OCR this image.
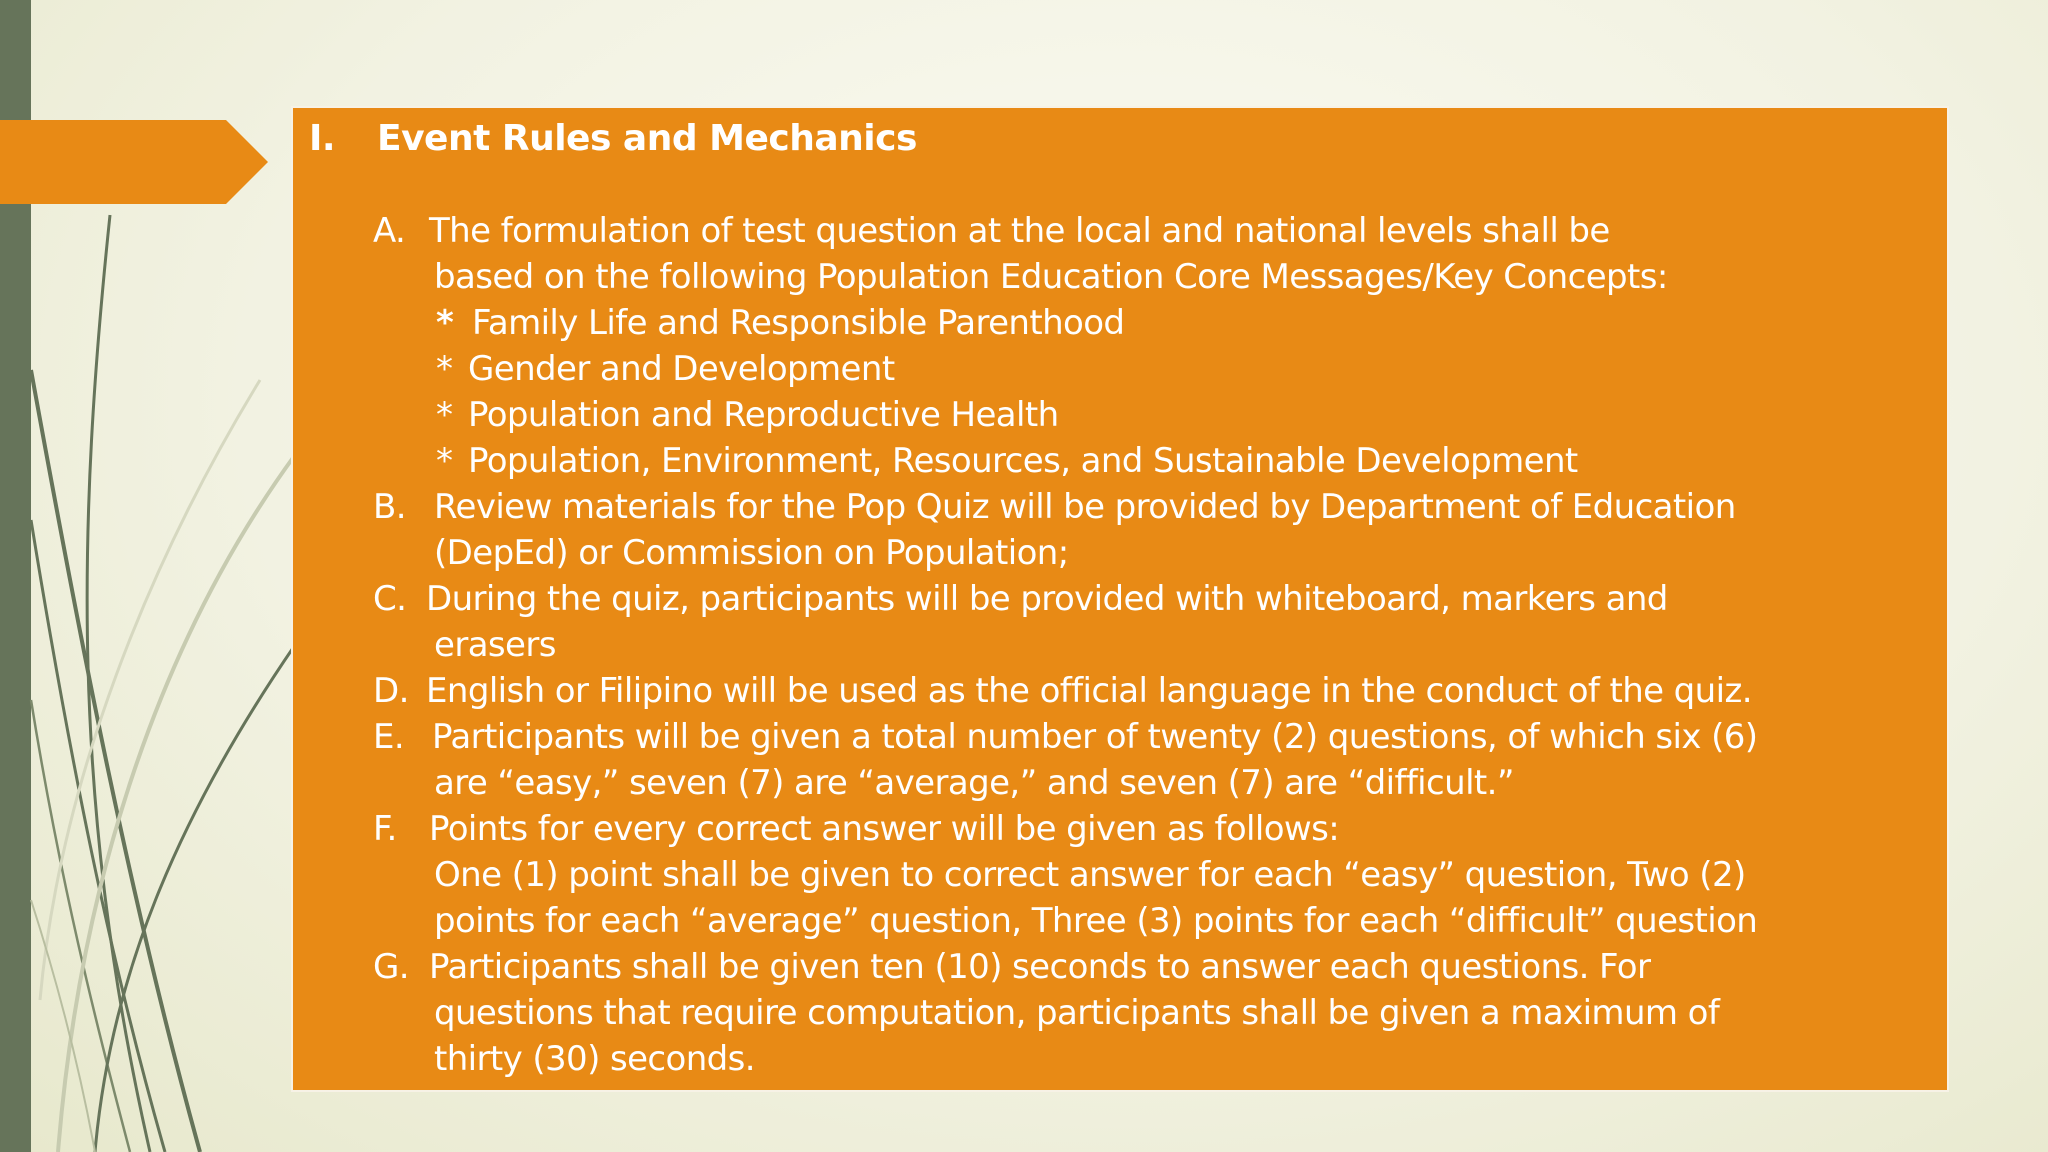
I. Event Rules and Mechanics
A. The formulation of test question at the local and national levels shall be
based on the following Population Education Core Messages/Key Concepts:
* Family Life and Responsible Parenthood
* Gender and Development
* Population and Reproductive Health
* Population, Environment, Resources, and Sustainable Development
B. Review materials for the Pop Quiz will be provided by Department of Education
(DepEd) or Commission on Population;
C. During the quiz, participants will be provided with whiteboard, markers and
erasers
D. English or Filipino will be used as the official language in the conduct of the quiz.
E. Participants will be given a total number of twenty (2) questions, of which six (6)
are “easy,” seven (7) are “average,” and seven (7) are “difficult.”
F. Points for every correct answer will be given as follows:
One (1) point shall be given to correct answer for each “easy” question, Two (2)
points for each “average” question, Three (3) points for each “difficult” question
G. Participants shall be given ten (10) seconds to answer each questions. For
questions that require computation, participants shall be given a maximum of
thirty (30) seconds.
